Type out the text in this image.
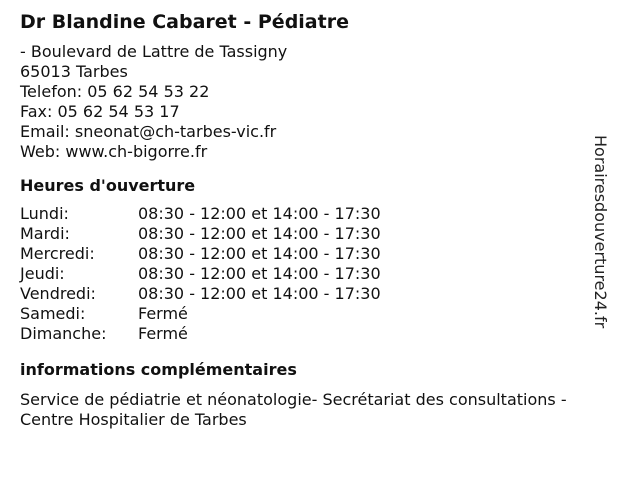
Dr Blandine Cabaret - Pédiatre
- Boulevard de Lattre de Tassigny
65013 Tarbes
Telefon: 05 62 54 53 22
Fax: 05 62 54 53 17
Email: sneonat@ch-tarbes-vic.fr
Web: www.ch-bigorre.fr
Heures d'ouverture
Lundi:	08:30 - 12:00 et 14:00 - 17:30
Mardi:	08:30 - 12:00 et 14:00 - 17:30
Mercredi:	08:30 - 12:00 et 14:00 - 17:30
Jeudi:	08:30 - 12:00 et 14:00 - 17:30
Vendredi:	08:30 - 12:00 et 14:00 - 17:30
Samedi:	Fermé
Dimanche:	Fermé
informations complémentaires
Service de pédiatrie et néonatologie- Secrétariat des consultations - Centre Hospitalier de Tarbes
Horairesdouverture24.fr
